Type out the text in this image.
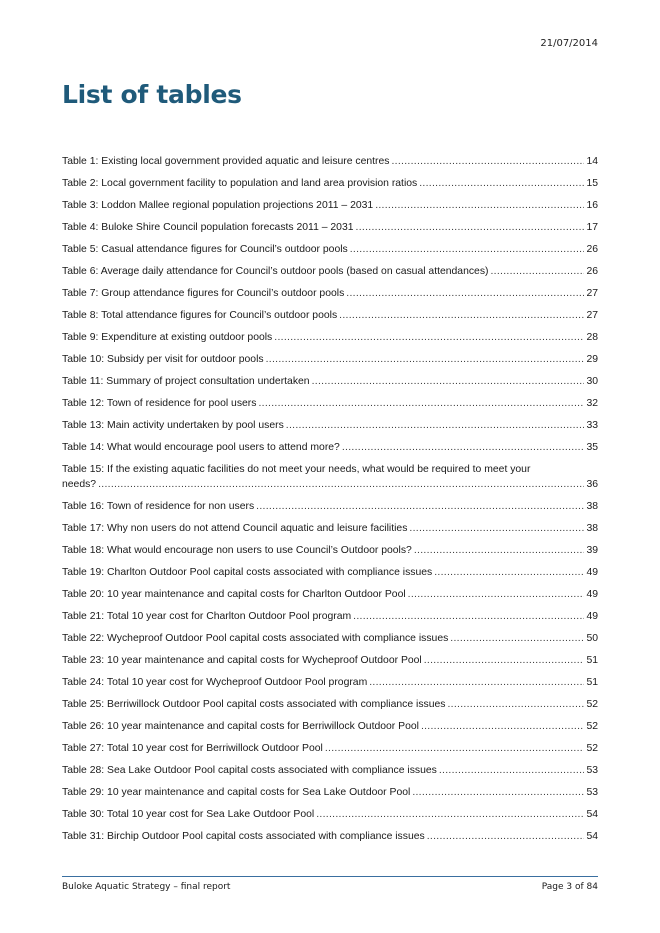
21/07/2014
List of tables
Table 1: Existing local government provided aquatic and leisure centres .....	14
Table 2: Local government facility to population and land area provision ratios .....	15
Table 3: Loddon Mallee regional population projections 2011 – 2031 .....	16
Table 4: Buloke Shire Council population forecasts 2011 – 2031 .....	17
Table 5: Casual attendance figures for Council’s outdoor pools .....	26
Table 6: Average daily attendance for Council’s outdoor pools (based on casual attendances) .....	26
Table 7: Group attendance figures for Council’s outdoor pools .....	27
Table 8: Total attendance figures for Council’s outdoor pools .....	27
Table 9: Expenditure at existing outdoor pools .....	28
Table 10: Subsidy per visit for outdoor pools .....	29
Table 11: Summary of project consultation undertaken .....	30
Table 12: Town of residence for pool users .....	32
Table 13: Main activity undertaken by pool users .....	33
Table 14: What would encourage pool users to attend more? .....	35
Table 15: If the existing aquatic facilities do not meet your needs, what would be required to meet your
needs? .....	36
Table 16: Town of residence for non users .....	38
Table 17: Why non users do not attend Council aquatic and leisure facilities .....	38
Table 18: What would encourage non users to use Council’s Outdoor pools? .....	39
Table 19: Charlton Outdoor Pool capital costs associated with compliance issues .....	49
Table 20: 10 year maintenance and capital costs for Charlton Outdoor Pool .....	49
Table 21: Total 10 year cost for Charlton Outdoor Pool program .....	49
Table 22: Wycheproof Outdoor Pool capital costs associated with compliance issues .....	50
Table 23: 10 year maintenance and capital costs for Wycheproof Outdoor Pool .....	51
Table 24: Total 10 year cost for Wycheproof Outdoor Pool program .....	51
Table 25: Berriwillock Outdoor Pool capital costs associated with compliance issues .....	52
Table 26: 10 year maintenance and capital costs for Berriwillock Outdoor Pool .....	52
Table 27: Total 10 year cost for Berriwillock Outdoor Pool .....	52
Table 28: Sea Lake Outdoor Pool capital costs associated with compliance issues .....	53
Table 29: 10 year maintenance and capital costs for Sea Lake Outdoor Pool .....	53
Table 30: Total 10 year cost for Sea Lake Outdoor Pool .....	54
Table 31: Birchip Outdoor Pool capital costs associated with compliance issues .....	54
Buloke Aquatic Strategy – final report	Page 3 of 84
